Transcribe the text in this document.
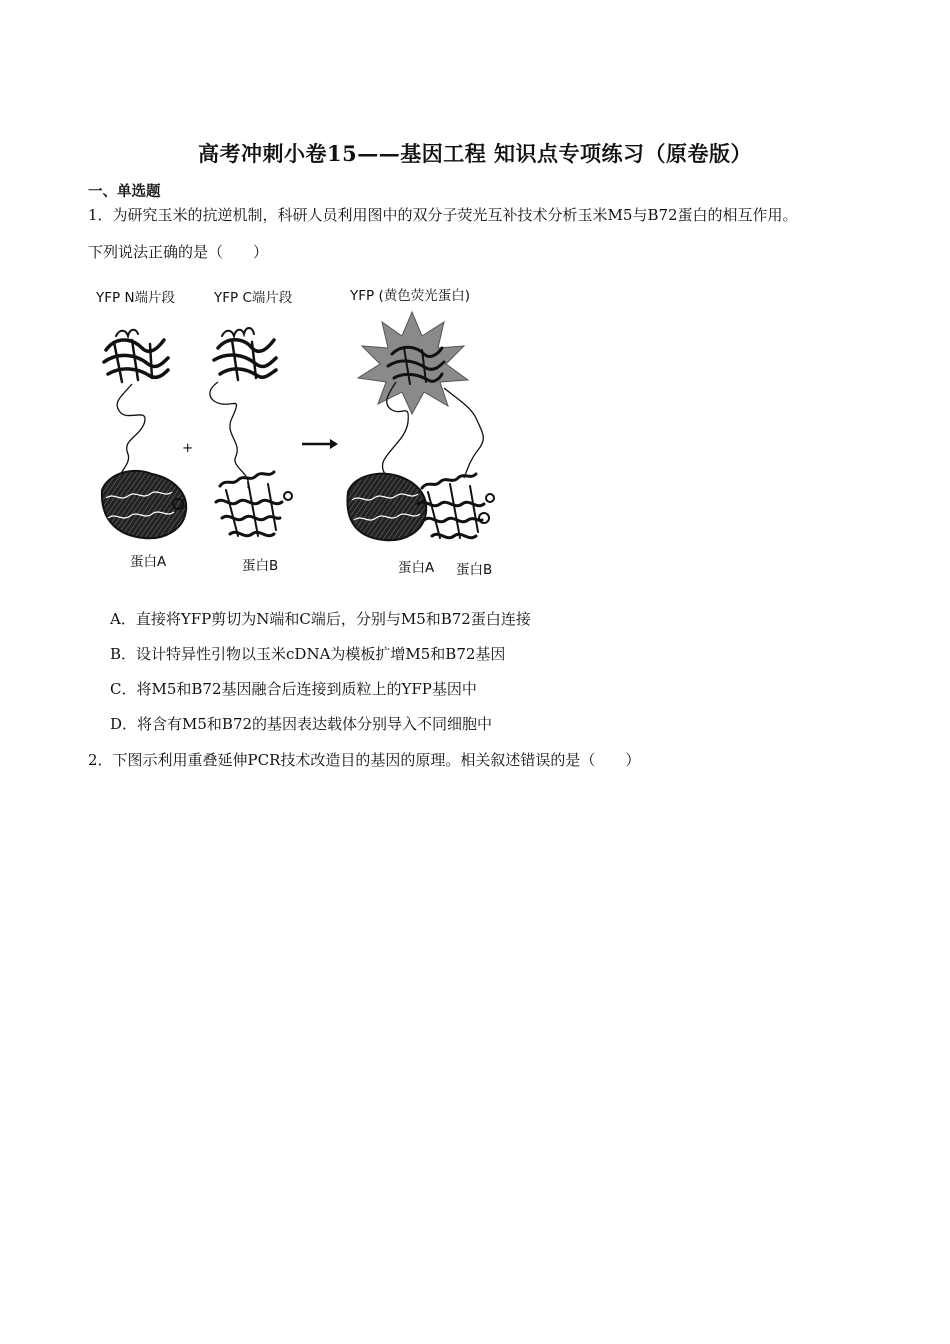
高考冲刺小卷15——基因工程 知识点专项练习（原卷版）
一、单选题
1．为研究玉米的抗逆机制，科研人员利用图中的双分子荧光互补技术分析玉米M5与B72蛋白的相互作用。
下列说法正确的是（　　）
YFP N端片段	YFP C端片段	YFP (黄色荧光蛋白)
+
蛋白A	蛋白B	蛋白A 蛋白B
A．直接将YFP剪切为N端和C端后，分别与M5和B72蛋白连接
B．设计特异性引物以玉米cDNA为模板扩增M5和B72基因
C．将M5和B72基因融合后连接到质粒上的YFP基因中
D．将含有M5和B72的基因表达载体分别导入不同细胞中
2．下图示利用重叠延伸PCR技术改造目的基因的原理。相关叙述错误的是（　　）
